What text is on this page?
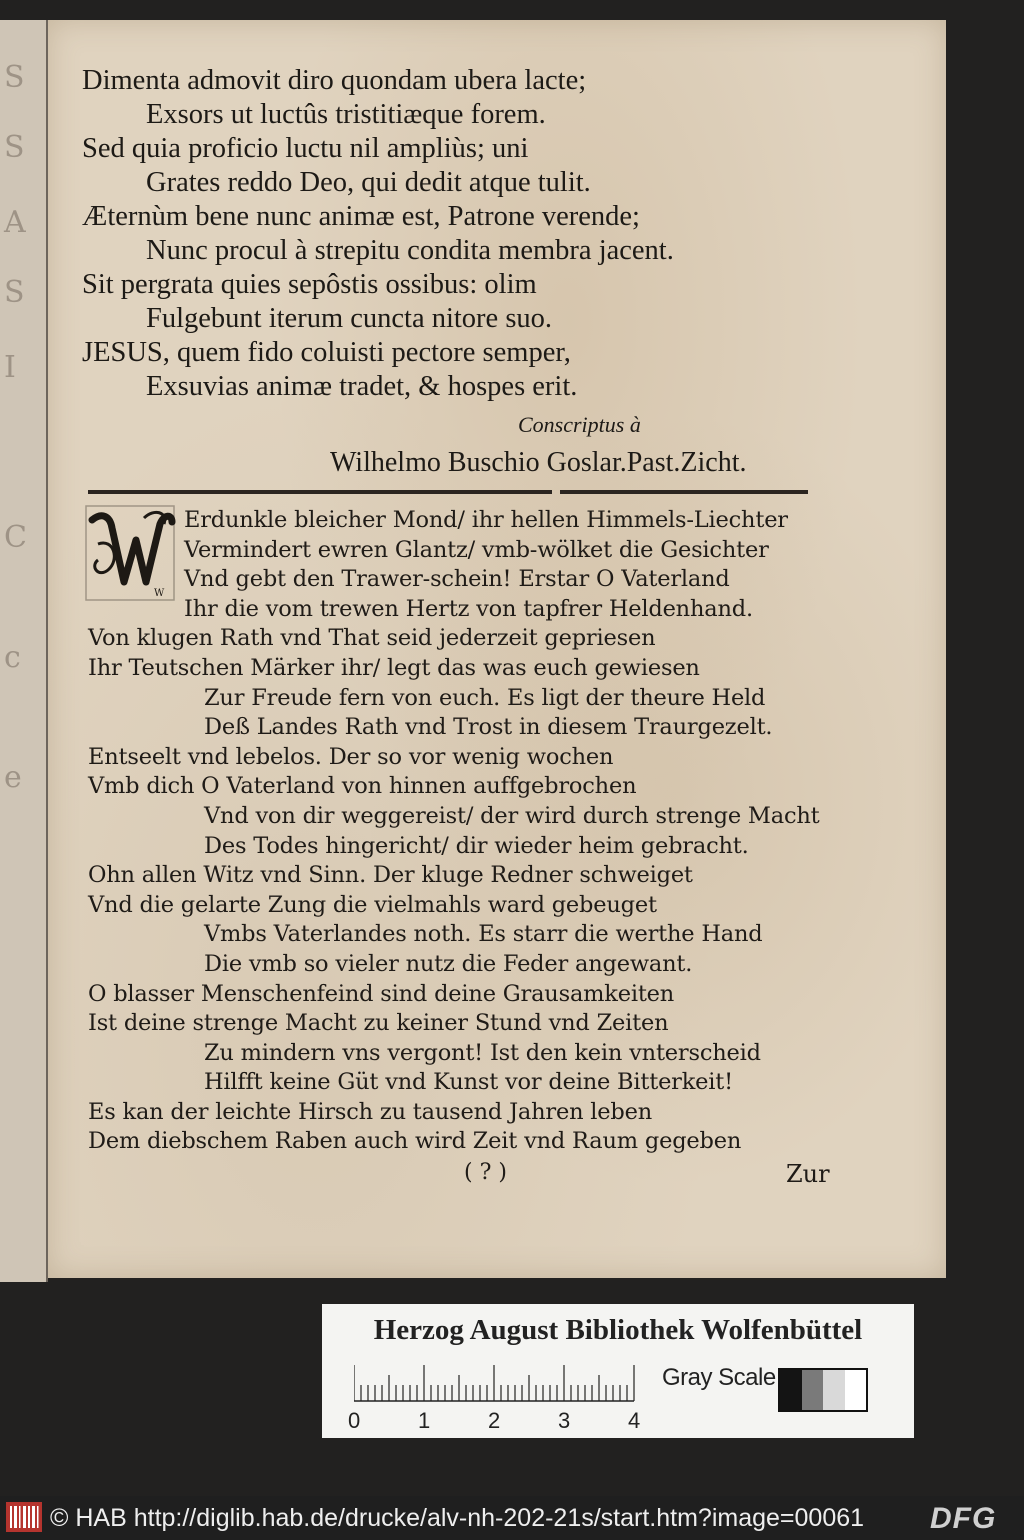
S
S
A
S
I
C
c
e
Dimenta admovit diro quondam ubera lacte;
Exsors ut luctûs tristitiæque forem.
Sed quia proficio luctu nil ampliùs; uni
Grates reddo Deo, qui dedit atque tulit.
Æternùm bene nunc animæ est, Patrone verende;
Nunc procul à strepitu condita membra jacent.
Sit pergrata quies sepôstis ossibus: olim
Fulgebunt iterum cuncta nitore suo.
JESUS, quem fido coluisti pectore semper,
Exsuvias animæ tradet, & hospes erit.
Conscriptus à
Wilhelmo Buschio Goslar.Past.Zicht.
W
Erdunkle bleicher Mond/ ihr hellen Himmels-Liechter
Vermindert ewren Glantz/ vmb-wölket die Gesichter
Vnd gebt den Trawer-schein! Erstar O Vaterland
Ihr die vom trewen Hertz von tapfrer Heldenhand.
Von klugen Rath vnd That seid jederzeit gepriesen
Ihr Teutschen Märker ihr/ legt das was euch gewiesen
Zur Freude fern von euch. Es ligt der theure Held
Deß Landes Rath vnd Trost in diesem Traurgezelt.
Entseelt vnd lebelos. Der so vor wenig wochen
Vmb dich O Vaterland von hinnen auffgebrochen
Vnd von dir weggereist/ der wird durch strenge Macht
Des Todes hingericht/ dir wieder heim gebracht.
Ohn allen Witz vnd Sinn. Der kluge Redner schweiget
Vnd die gelarte Zung die vielmahls ward gebeuget
Vmbs Vaterlandes noth. Es starr die werthe Hand
Die vmb so vieler nutz die Feder angewant.
O blasser Menschenfeind sind deine Grausamkeiten
Ist deine strenge Macht zu keiner Stund vnd Zeiten
Zu mindern vns vergont! Ist den kein vnterscheid
Hilfft keine Güt vnd Kunst vor deine Bitterkeit!
Es kan der leichte Hirsch zu tausend Jahren leben
Dem diebschem Raben auch wird Zeit vnd Raum gegeben
( ? )	Zur
Herzog August Bibliothek Wolfenbüttel
0	1	2	3	4
Gray Scale
© HAB http://diglib.hab.de/drucke/alv-nh-202-21s/start.htm?image=00061 DFG
